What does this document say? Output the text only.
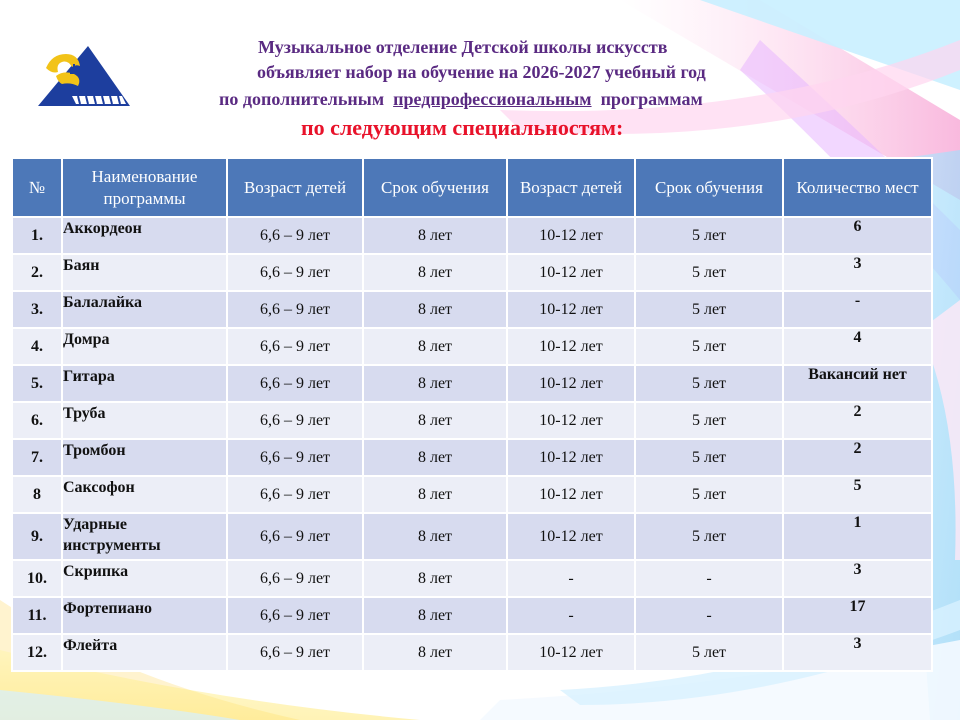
Музыкальное отделение Детской школы искусств

объявляет набор на обучение на 2026-2027 учебный год

по дополнительным  предпрофессиональным  программам

по следующим специальностям:

№	Наименование программы	Возраст детей	Срок обучения	Возраст детей	Срок обучения	Количество мест
1.	Аккордеон	6,6 – 9 лет	8 лет	10-12 лет	5 лет	6
2.	Баян	6,6 – 9 лет	8 лет	10-12 лет	5 лет	3
3.	Балалайка	6,6 – 9 лет	8 лет	10-12 лет	5 лет	-
4.	Домра	6,6 – 9 лет	8 лет	10-12 лет	5 лет	4
5.	Гитара	6,6 – 9 лет	8 лет	10-12 лет	5 лет	Вакансий нет
6.	Труба	6,6 – 9 лет	8 лет	10-12 лет	5 лет	2
7.	Тромбон	6,6 – 9 лет	8 лет	10-12 лет	5 лет	2
8	Саксофон	6,6 – 9 лет	8 лет	10-12 лет	5 лет	5
9.	Ударные инструменты	6,6 – 9 лет	8 лет	10-12 лет	5 лет	1
10.	Скрипка	6,6 – 9 лет	8 лет	-	-	3
11.	Фортепиано	6,6 – 9 лет	8 лет	-	-	17
12.	Флейта	6,6 – 9 лет	8 лет	10-12 лет	5 лет	3
